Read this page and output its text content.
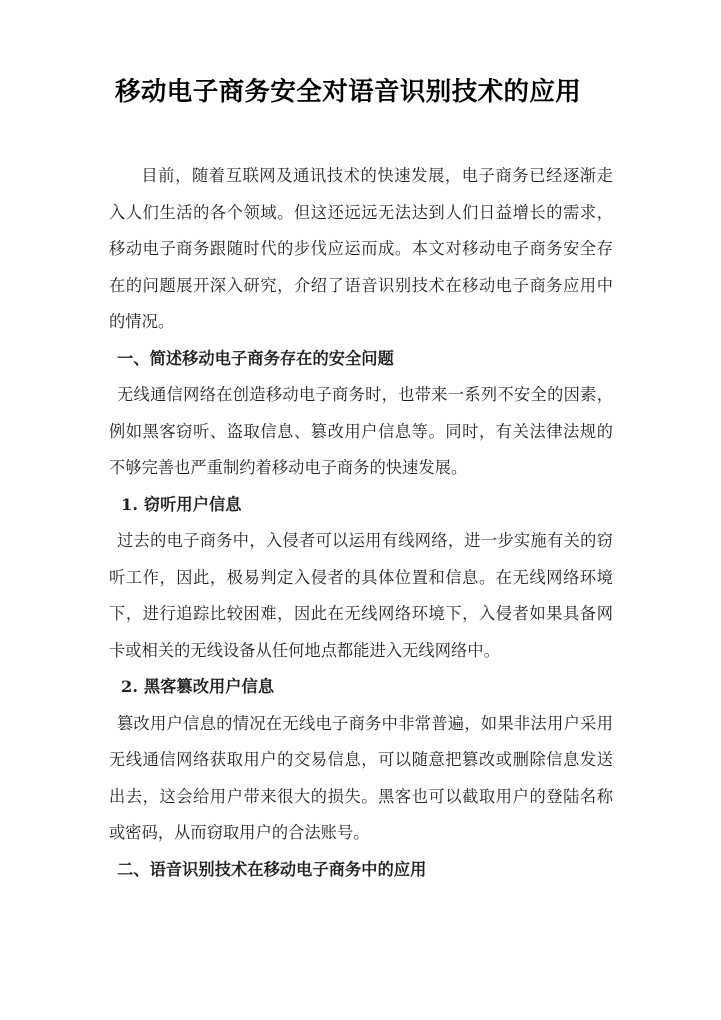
移动电子商务安全对语音识别技术的应用

目前，随着互联网及通讯技术的快速发展，电子商务已经逐渐走入人们生活的各个领域。但这还远远无法达到人们日益增长的需求，移动电子商务跟随时代的步伐应运而成。本文对移动电子商务安全存在的问题展开深入研究，介绍了语音识别技术在移动电子商务应用中的情况。

一、简述移动电子商务存在的安全问题

无线通信网络在创造移动电子商务时，也带来一系列不安全的因素，例如黑客窃听、盗取信息、篡改用户信息等。同时，有关法律法规的不够完善也严重制约着移动电子商务的快速发展。

1. 窃听用户信息

过去的电子商务中，入侵者可以运用有线网络，进一步实施有关的窃听工作，因此，极易判定入侵者的具体位置和信息。在无线网络环境下，进行追踪比较困难，因此在无线网络环境下，入侵者如果具备网卡或相关的无线设备从任何地点都能进入无线网络中。

2. 黑客篡改用户信息

篡改用户信息的情况在无线电子商务中非常普遍，如果非法用户采用无线通信网络获取用户的交易信息，可以随意把篡改或删除信息发送出去，这会给用户带来很大的损失。黑客也可以截取用户的登陆名称或密码，从而窃取用户的合法账号。

二、语音识别技术在移动电子商务中的应用
